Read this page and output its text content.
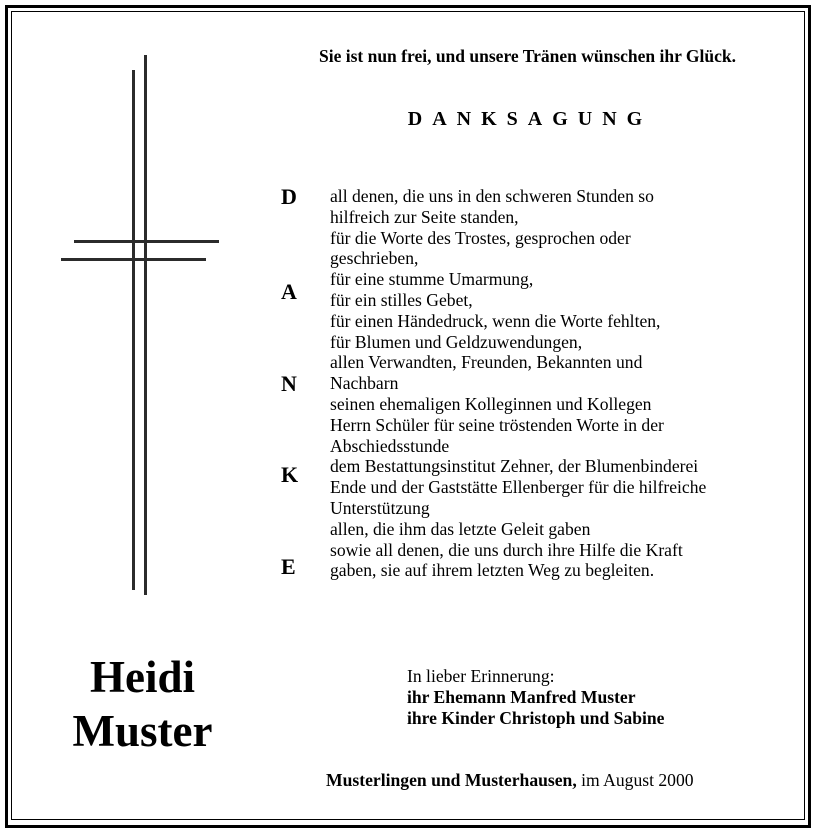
Sie ist nun frei, und unsere Tränen wünschen ihr Glück.
DANKSAGUNG
D
A
N
K
E
all denen, die uns in den schweren Stunden so
hilfreich zur Seite standen,
für die Worte des Trostes, gesprochen oder
geschrieben,
für eine stumme Umarmung,
für ein stilles Gebet,
für einen Händedruck, wenn die Worte fehlten,
für Blumen und Geldzuwendungen,
allen Verwandten, Freunden, Bekannten und
Nachbarn
seinen ehemaligen Kolleginnen und Kollegen
Herrn Schüler für seine tröstenden Worte in der
Abschiedsstunde
dem Bestattungsinstitut Zehner, der Blumenbinderei
Ende und der Gaststätte Ellenberger für die hilfreiche
Unterstützung
allen, die ihm das letzte Geleit gaben
sowie all denen, die uns durch ihre Hilfe die Kraft
gaben, sie auf ihrem letzten Weg zu begleiten.
Heidi
Muster
In lieber Erinnerung:
ihr Ehemann Manfred Muster
ihre Kinder Christoph und Sabine
Musterlingen und Musterhausen, im August 2000
